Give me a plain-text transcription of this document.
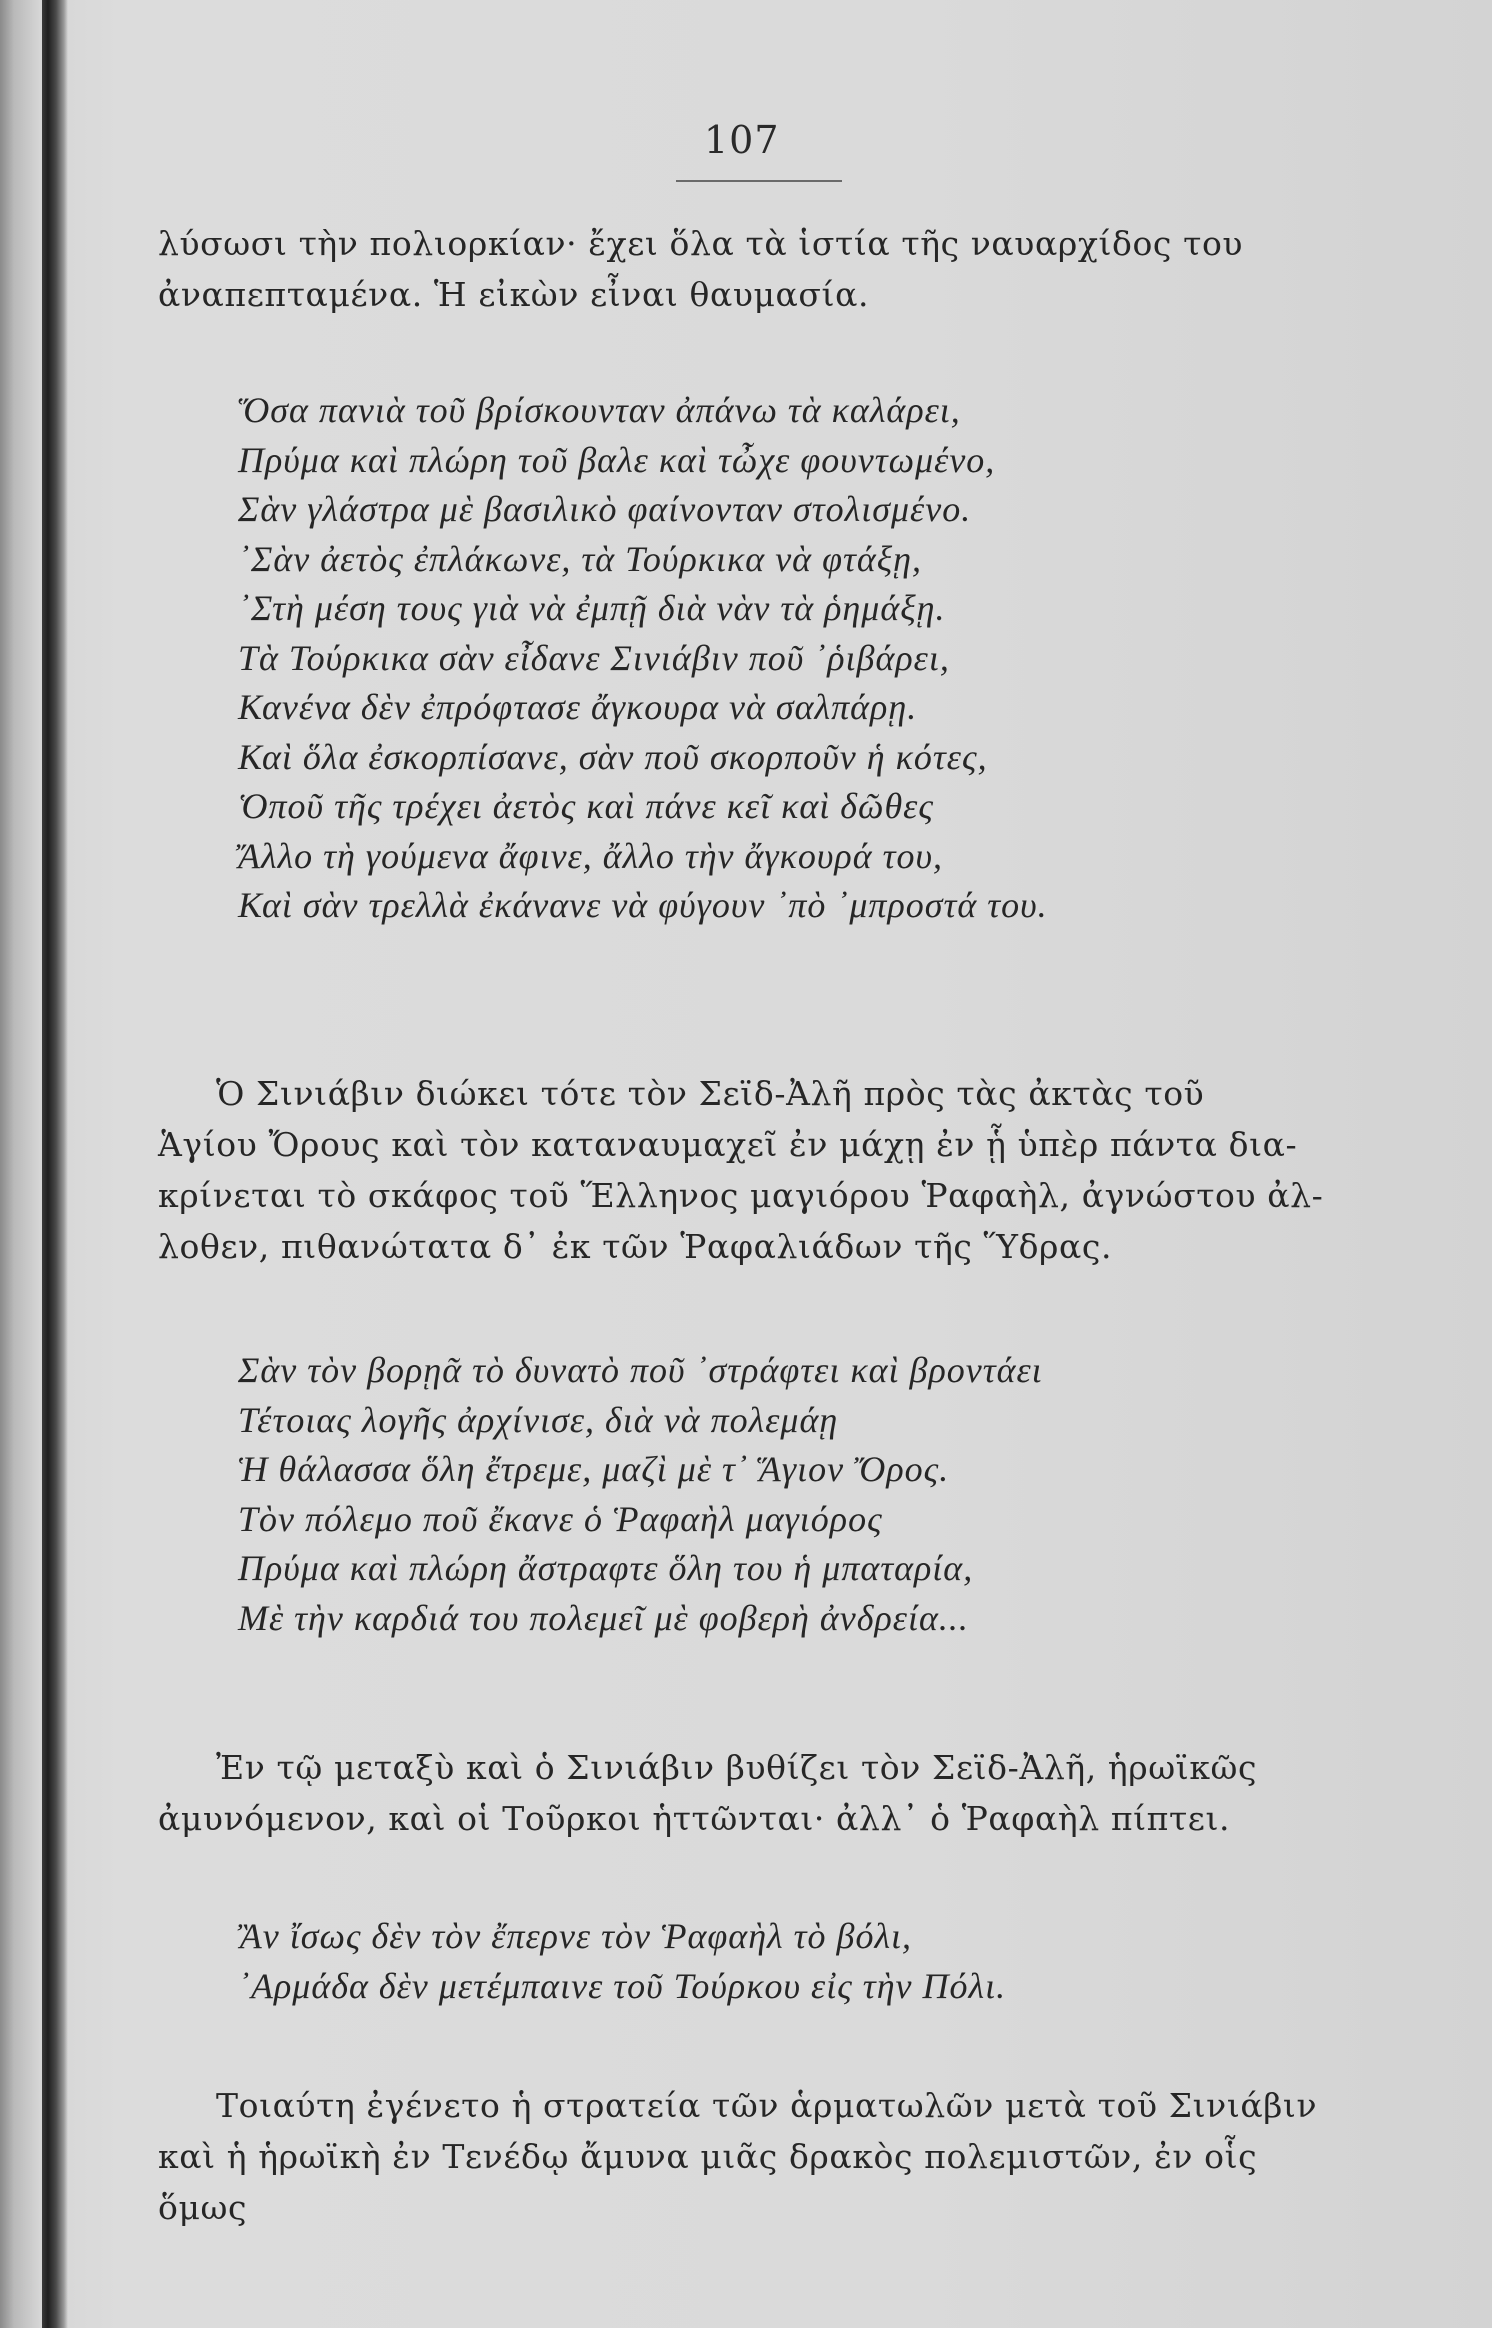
107

λύσωσι τὴν πολιορκίαν· ἔχει ὅλα τὰ ἱστία τῆς ναυαρχίδος του

ἀναπεπταμένα. Ἡ εἰκὼν εἶναι θαυμασία.

Ὅσα πανιὰ τοῦ βρίσκουνταν ἀπάνω τὰ καλάρει,
Πρύμα καὶ πλώρη τοῦ βαλε καὶ τὦχε φουντωμένο,
Σὰν γλάστρα μὲ βασιλικὸ φαίνονταν στολισμένο.
᾿Σὰν ἀετὸς ἐπλάκωνε, τὰ Τούρκικα νὰ φτάξῃ,
᾿Στὴ μέση τους γιὰ νὰ ἐμπῇ διὰ νὰν τὰ ῥημάξῃ.
Τὰ Τούρκικα σὰν εἶδανε Σινιάβιν ποῦ ᾿ῥιβάρει,
Κανένα δὲν ἐπρόφτασε ἄγκουρα νὰ σαλπάρῃ.
Καὶ ὅλα ἐσκορπίσανε, σὰν ποῦ σκορποῦν ἡ κότες,
Ὁποῦ τῆς τρέχει ἀετὸς καὶ πάνε κεῖ καὶ δῶθες
Ἄλλο τὴ γούμενα ἄφινε, ἄλλο τὴν ἄγκουρά του,
Καὶ σὰν τρελλὰ ἐκάνανε νὰ φύγουν ᾿πὸ ᾿μπροστά του.

Ὁ Σινιάβιν διώκει τότε τὸν Σεϊδ-Ἀλῆ πρὸς τὰς ἀκτὰς τοῦ

Ἁγίου Ὄρους καὶ τὸν καταναυμαχεῖ ἐν μάχῃ ἐν ᾗ ὑπὲρ πάντα δια-

κρίνεται τὸ σκάφος τοῦ Ἕλληνος μαγιόρου Ῥαφαὴλ, ἀγνώστου ἀλ-

λοθεν, πιθανώτατα δ᾿ ἐκ τῶν Ῥαφαλιάδων τῆς Ὕδρας.

Σὰν τὸν βορῃᾶ τὸ δυνατὸ ποῦ ᾿στράφτει καὶ βροντάει
Τέτοιας λογῆς ἀρχίνισε, διὰ νὰ πολεμάῃ
Ἡ θάλασσα ὅλη ἔτρεμε, μαζὶ μὲ τ᾿ Ἅγιον Ὄρος.
Τὸν πόλεμο ποῦ ἔκανε ὁ Ῥαφαὴλ μαγιόρος
Πρύμα καὶ πλώρη ἄστραφτε ὅλη του ἡ μπαταρία,
Μὲ τὴν καρδιά του πολεμεῖ μὲ φοβερὴ ἀνδρεία...

Ἐν τῷ μεταξὺ καὶ ὁ Σινιάβιν βυθίζει τὸν Σεϊδ-Ἀλῆ, ἡρωϊκῶς

ἀμυνόμενον, καὶ οἱ Τοῦρκοι ἡττῶνται· ἀλλ᾿ ὁ Ῥαφαὴλ πίπτει.

Ἂν ἴσως δὲν τὸν ἔπερνε τὸν Ῥαφαὴλ τὸ βόλι,
᾿Αρμάδα δὲν μετέμπαινε τοῦ Τούρκου εἰς τὴν Πόλι.

Τοιαύτη ἐγένετο ἡ στρατεία τῶν ἁρματωλῶν μετὰ τοῦ Σινιάβιν

καὶ ἡ ἡρωϊκὴ ἐν Τενέδῳ ἄμυνα μιᾶς δρακὸς πολεμιστῶν, ἐν οἷς ὅμως
